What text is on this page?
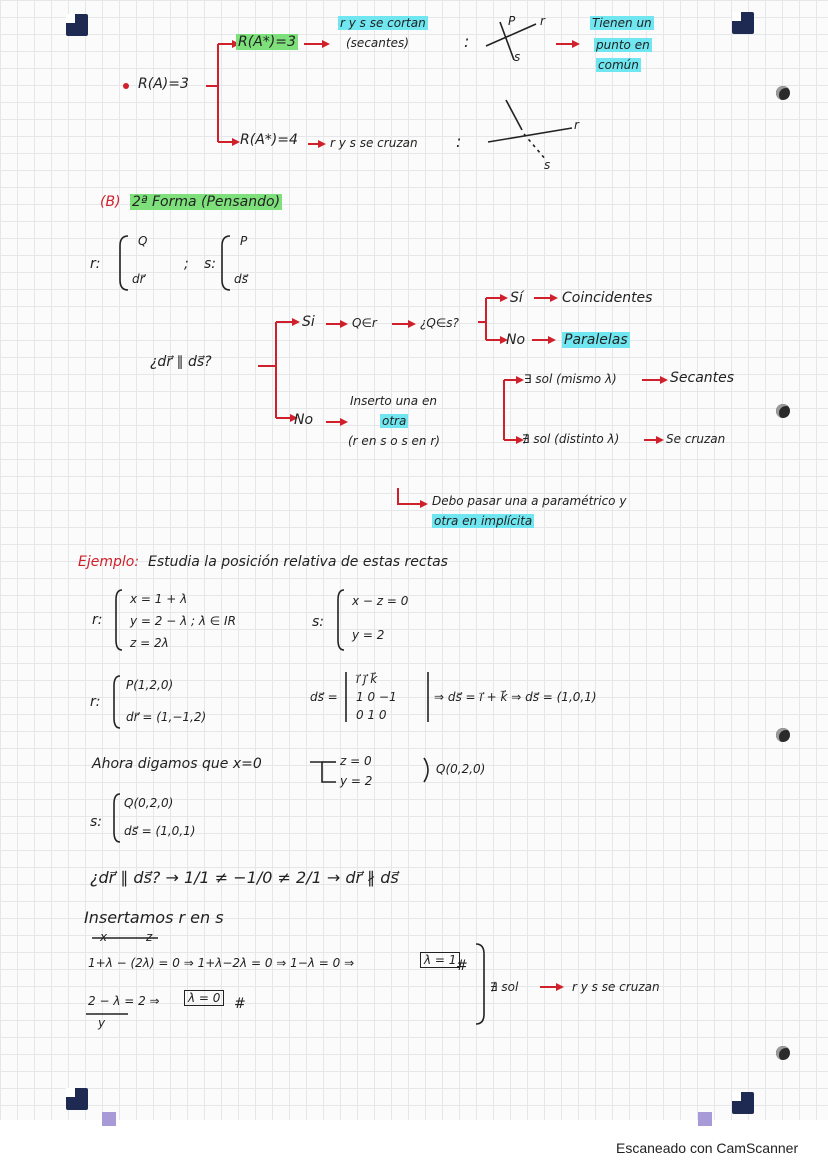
R(A)=3
R(A*)=3
R(A*)=4
r y s se cortan
(secantes)	:
P r
s
Tienen un
punto en
común
r y s se cruzan :
r
s
(B) 2ª Forma (Pensando)
r:
Q
dr⃗
; s:
P
ds⃗
¿dr⃗ ∥ ds⃗?
Si	Q∈r	¿Q∈s?
Sí	Coincidentes
No	Paralelas
No
Inserto una en
otra
(r en s o s en r)
∃ sol (mismo λ)	Secantes
∄ sol (distinto λ)	Se cruzan
Debo pasar una a paramétrico y
otra en implícita
Ejemplo: Estudia la posición relativa de estas rectas
r:
x = 1 + λ
y = 2 − λ ; λ ∈ IR
z = 2λ
s:
x − z = 0
y = 2
r:
P(1,2,0)
dr⃗ = (1,−1,2)
ds⃗ =
i⃗ j⃗ k⃗
1 0 −1
0 1 0
⇒ ds⃗ = i⃗ + k⃗ ⇒ ds⃗ = (1,0,1)
Ahora digamos que x=0	z = 0
y = 2
Q(0,2,0)
s:
Q(0,2,0)
ds⃗ = (1,0,1)
¿dr⃗ ∥ ds⃗? → 1/1 ≠ −1/0 ≠ 2/1 → dr⃗ ∦ ds⃗
Insertamos r en s
x	z
1+λ − (2λ) = 0 ⇒ 1+λ−2λ = 0 ⇒ 1−λ = 0 ⇒	λ = 1 #
2 − λ = 2 ⇒	λ = 0 #
y
∄ sol	r y s se cruzan
Escaneado con CamScanner
